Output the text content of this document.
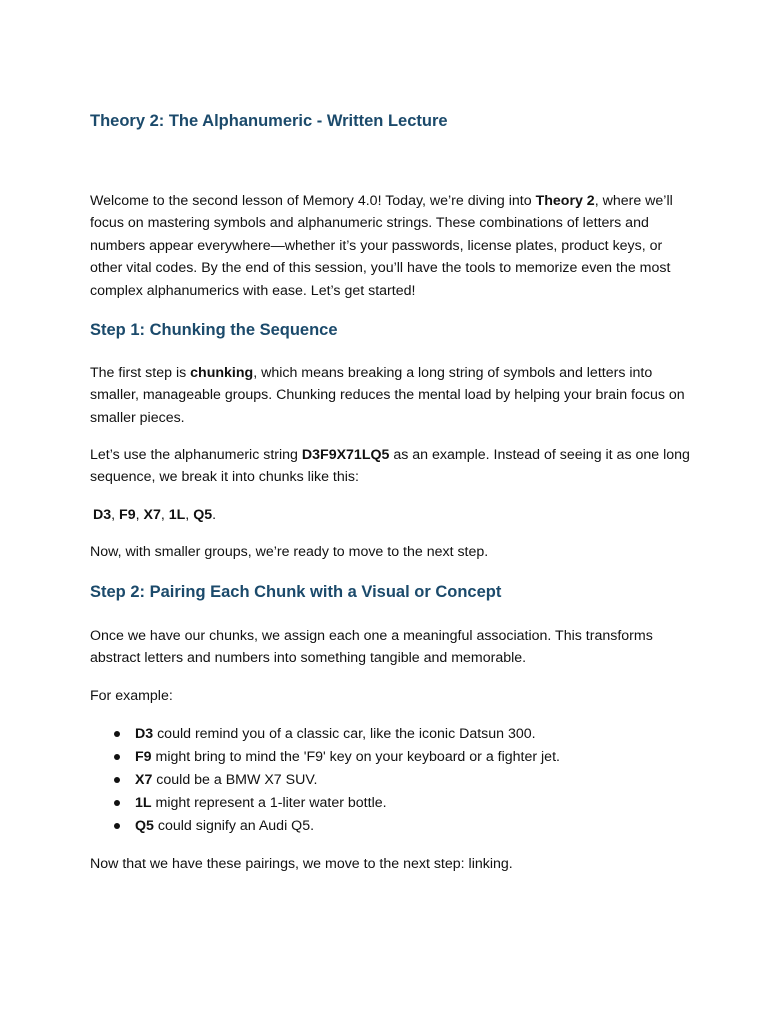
Theory 2: The Alphanumeric - Written Lecture

Welcome to the second lesson of Memory 4.0! Today, we’re diving into Theory 2, where we’ll focus on mastering symbols and alphanumeric strings. These combinations of letters and numbers appear everywhere—whether it’s your passwords, license plates, product keys, or other vital codes. By the end of this session, you’ll have the tools to memorize even the most complex alphanumerics with ease. Let’s get started!

Step 1: Chunking the Sequence

The first step is chunking, which means breaking a long string of symbols and letters into smaller, manageable groups. Chunking reduces the mental load by helping your brain focus on smaller pieces.

Let’s use the alphanumeric string D3F9X71LQ5 as an example. Instead of seeing it as one long sequence, we break it into chunks like this:

D3, F9, X7, 1L, Q5.

Now, with smaller groups, we’re ready to move to the next step.

Step 2: Pairing Each Chunk with a Visual or Concept

Once we have our chunks, we assign each one a meaningful association. This transforms abstract letters and numbers into something tangible and memorable.

For example:

D3 could remind you of a classic car, like the iconic Datsun 300.
F9 might bring to mind the 'F9' key on your keyboard or a fighter jet.
X7 could be a BMW X7 SUV.
1L might represent a 1-liter water bottle.
Q5 could signify an Audi Q5.

Now that we have these pairings, we move to the next step: linking.
